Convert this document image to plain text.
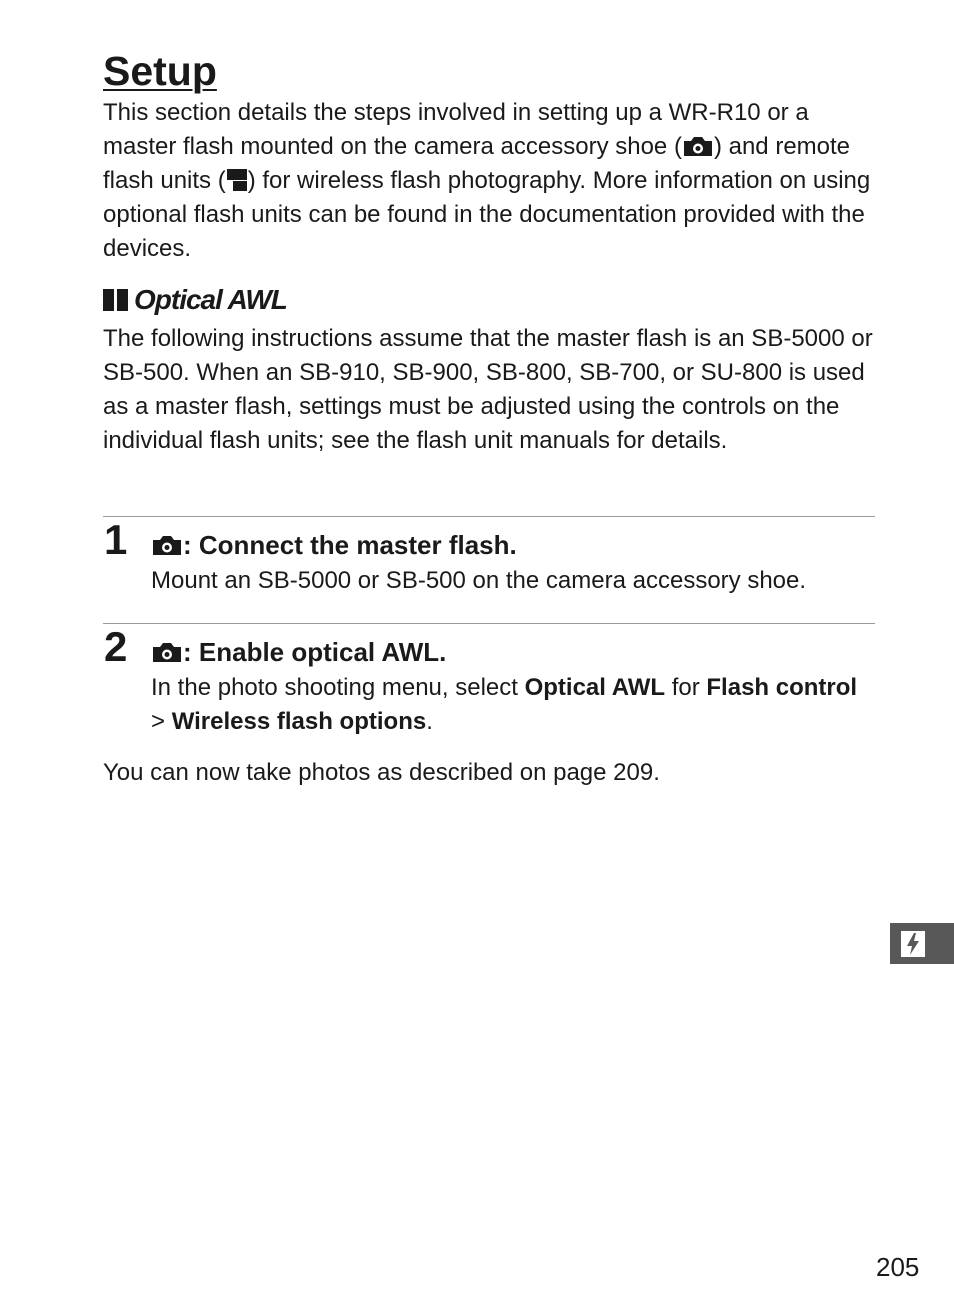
Setup
This section details the steps involved in setting up a WR-R10 or a master flash mounted on the camera accessory shoe ( ) and remote flash units ( ) for wireless flash photography. More information on using optional flash units can be found in the documentation provided with the devices.
Optical AWL
The following instructions assume that the master flash is an SB-5000 or SB-500. When an SB-910, SB-900, SB-800, SB-700, or SU-800 is used as a master flash, settings must be adjusted using the controls on the individual flash units; see the flash unit manuals for details.
1 : Connect the master flash.
Mount an SB-5000 or SB-500 on the camera accessory shoe.
2 : Enable optical AWL.
In the photo shooting menu, select Optical AWL for Flash control > Wireless flash options.
You can now take photos as described on page 209.
205
